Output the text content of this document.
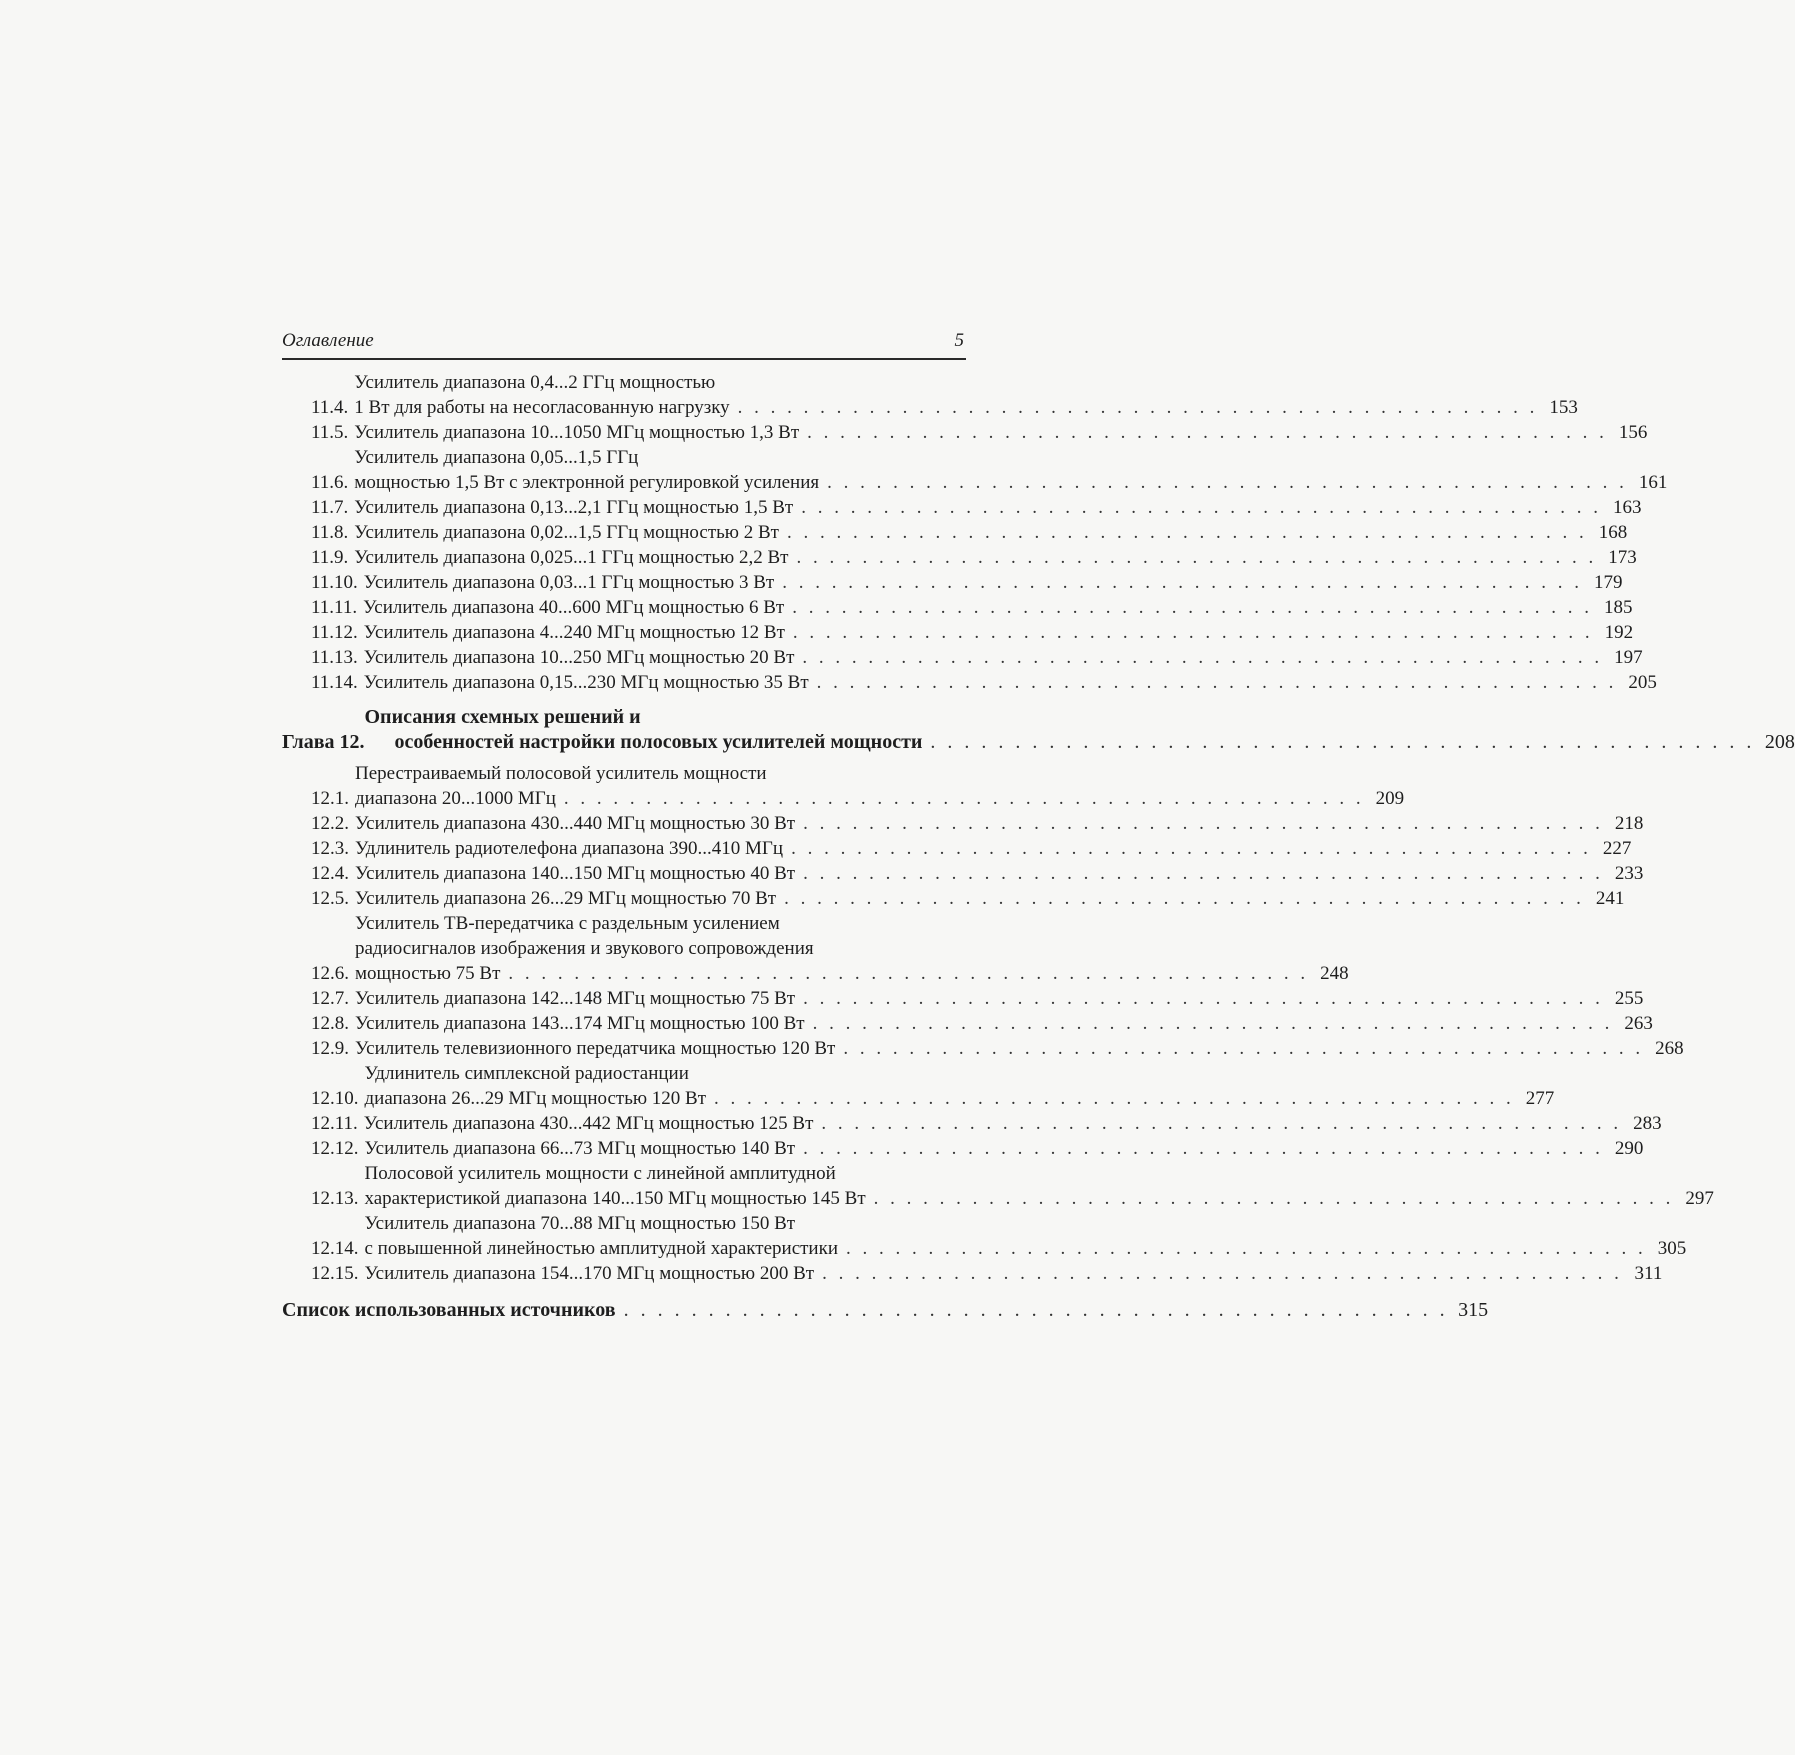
Оглавление	5
11.4.
Усилитель диапазона 0,4...2 ГГц мощностью
1 Вт для работы на несогласованную нагрузку . . . . . . . . . . . . . . . . . . . . . . . . . . . . . . . . . . . . . . . . . . . . . . . . . 153
11.5. Усилитель диапазона 10...1050 МГц мощностью 1,3 Вт . . . . . . . . . . . . . . . . . . . . . . . . . . . . . . . . . . . . . . . . . . . . . . . . . 156
11.6.
Усилитель диапазона 0,05...1,5 ГГц
мощностью 1,5 Вт с электронной регулировкой усиления . . . . . . . . . . . . . . . . . . . . . . . . . . . . . . . . . . . . . . . . . . . . . . . . . 161
11.7. Усилитель диапазона 0,13...2,1 ГГц мощностью 1,5 Вт . . . . . . . . . . . . . . . . . . . . . . . . . . . . . . . . . . . . . . . . . . . . . . . . . 163
11.8. Усилитель диапазона 0,02...1,5 ГГц мощностью 2 Вт . . . . . . . . . . . . . . . . . . . . . . . . . . . . . . . . . . . . . . . . . . . . . . . . . 168
11.9. Усилитель диапазона 0,025...1 ГГц мощностью 2,2 Вт . . . . . . . . . . . . . . . . . . . . . . . . . . . . . . . . . . . . . . . . . . . . . . . . . 173
11.10. Усилитель диапазона 0,03...1 ГГц мощностью 3 Вт . . . . . . . . . . . . . . . . . . . . . . . . . . . . . . . . . . . . . . . . . . . . . . . . . 179
11.11. Усилитель диапазона 40...600 МГц мощностью 6 Вт . . . . . . . . . . . . . . . . . . . . . . . . . . . . . . . . . . . . . . . . . . . . . . . . . 185
11.12. Усилитель диапазона 4...240 МГц мощностью 12 Вт . . . . . . . . . . . . . . . . . . . . . . . . . . . . . . . . . . . . . . . . . . . . . . . . . 192
11.13. Усилитель диапазона 10...250 МГц мощностью 20 Вт . . . . . . . . . . . . . . . . . . . . . . . . . . . . . . . . . . . . . . . . . . . . . . . . . 197
11.14. Усилитель диапазона 0,15...230 МГц мощностью 35 Вт . . . . . . . . . . . . . . . . . . . . . . . . . . . . . . . . . . . . . . . . . . . . . . . . . 205
Глава 12.
Описания схемных решений и
особенностей настройки полосовых усилителей мощности . . . . . . . . . . . . . . . . . . . . . . . . . . . . . . . . . . . . . . . . . . . . . . . . . 208
12.1.
Перестраиваемый полосовой усилитель мощности
диапазона 20...1000 МГц . . . . . . . . . . . . . . . . . . . . . . . . . . . . . . . . . . . . . . . . . . . . . . . . . 209
12.2. Усилитель диапазона 430...440 МГц мощностью 30 Вт . . . . . . . . . . . . . . . . . . . . . . . . . . . . . . . . . . . . . . . . . . . . . . . . . 218
12.3. Удлинитель радиотелефона диапазона 390...410 МГц . . . . . . . . . . . . . . . . . . . . . . . . . . . . . . . . . . . . . . . . . . . . . . . . . 227
12.4. Усилитель диапазона 140...150 МГц мощностью 40 Вт . . . . . . . . . . . . . . . . . . . . . . . . . . . . . . . . . . . . . . . . . . . . . . . . . 233
12.5. Усилитель диапазона 26...29 МГц мощностью 70 Вт . . . . . . . . . . . . . . . . . . . . . . . . . . . . . . . . . . . . . . . . . . . . . . . . . 241
12.6.
Усилитель ТВ-передатчика с раздельным усилением
радиосигналов изображения и звукового сопровождения
мощностью 75 Вт . . . . . . . . . . . . . . . . . . . . . . . . . . . . . . . . . . . . . . . . . . . . . . . . . 248
12.7. Усилитель диапазона 142...148 МГц мощностью 75 Вт . . . . . . . . . . . . . . . . . . . . . . . . . . . . . . . . . . . . . . . . . . . . . . . . . 255
12.8. Усилитель диапазона 143...174 МГц мощностью 100 Вт . . . . . . . . . . . . . . . . . . . . . . . . . . . . . . . . . . . . . . . . . . . . . . . . . 263
12.9. Усилитель телевизионного передатчика мощностью 120 Вт . . . . . . . . . . . . . . . . . . . . . . . . . . . . . . . . . . . . . . . . . . . . . . . . . 268
12.10.
Удлинитель симплексной радиостанции
диапазона 26...29 МГц мощностью 120 Вт . . . . . . . . . . . . . . . . . . . . . . . . . . . . . . . . . . . . . . . . . . . . . . . . . 277
12.11. Усилитель диапазона 430...442 МГц мощностью 125 Вт . . . . . . . . . . . . . . . . . . . . . . . . . . . . . . . . . . . . . . . . . . . . . . . . . 283
12.12. Усилитель диапазона 66...73 МГц мощностью 140 Вт . . . . . . . . . . . . . . . . . . . . . . . . . . . . . . . . . . . . . . . . . . . . . . . . . 290
12.13.
Полосовой усилитель мощности с линейной амплитудной
характеристикой диапазона 140...150 МГц мощностью 145 Вт . . . . . . . . . . . . . . . . . . . . . . . . . . . . . . . . . . . . . . . . . . . . . . . . . 297
12.14.
Усилитель диапазона 70...88 МГц мощностью 150 Вт
с повышенной линейностью амплитудной характеристики . . . . . . . . . . . . . . . . . . . . . . . . . . . . . . . . . . . . . . . . . . . . . . . . . 305
12.15. Усилитель диапазона 154...170 МГц мощностью 200 Вт . . . . . . . . . . . . . . . . . . . . . . . . . . . . . . . . . . . . . . . . . . . . . . . . . 311
Список использованных источников . . . . . . . . . . . . . . . . . . . . . . . . . . . . . . . . . . . . . . . . . . . . . . . . . 315
